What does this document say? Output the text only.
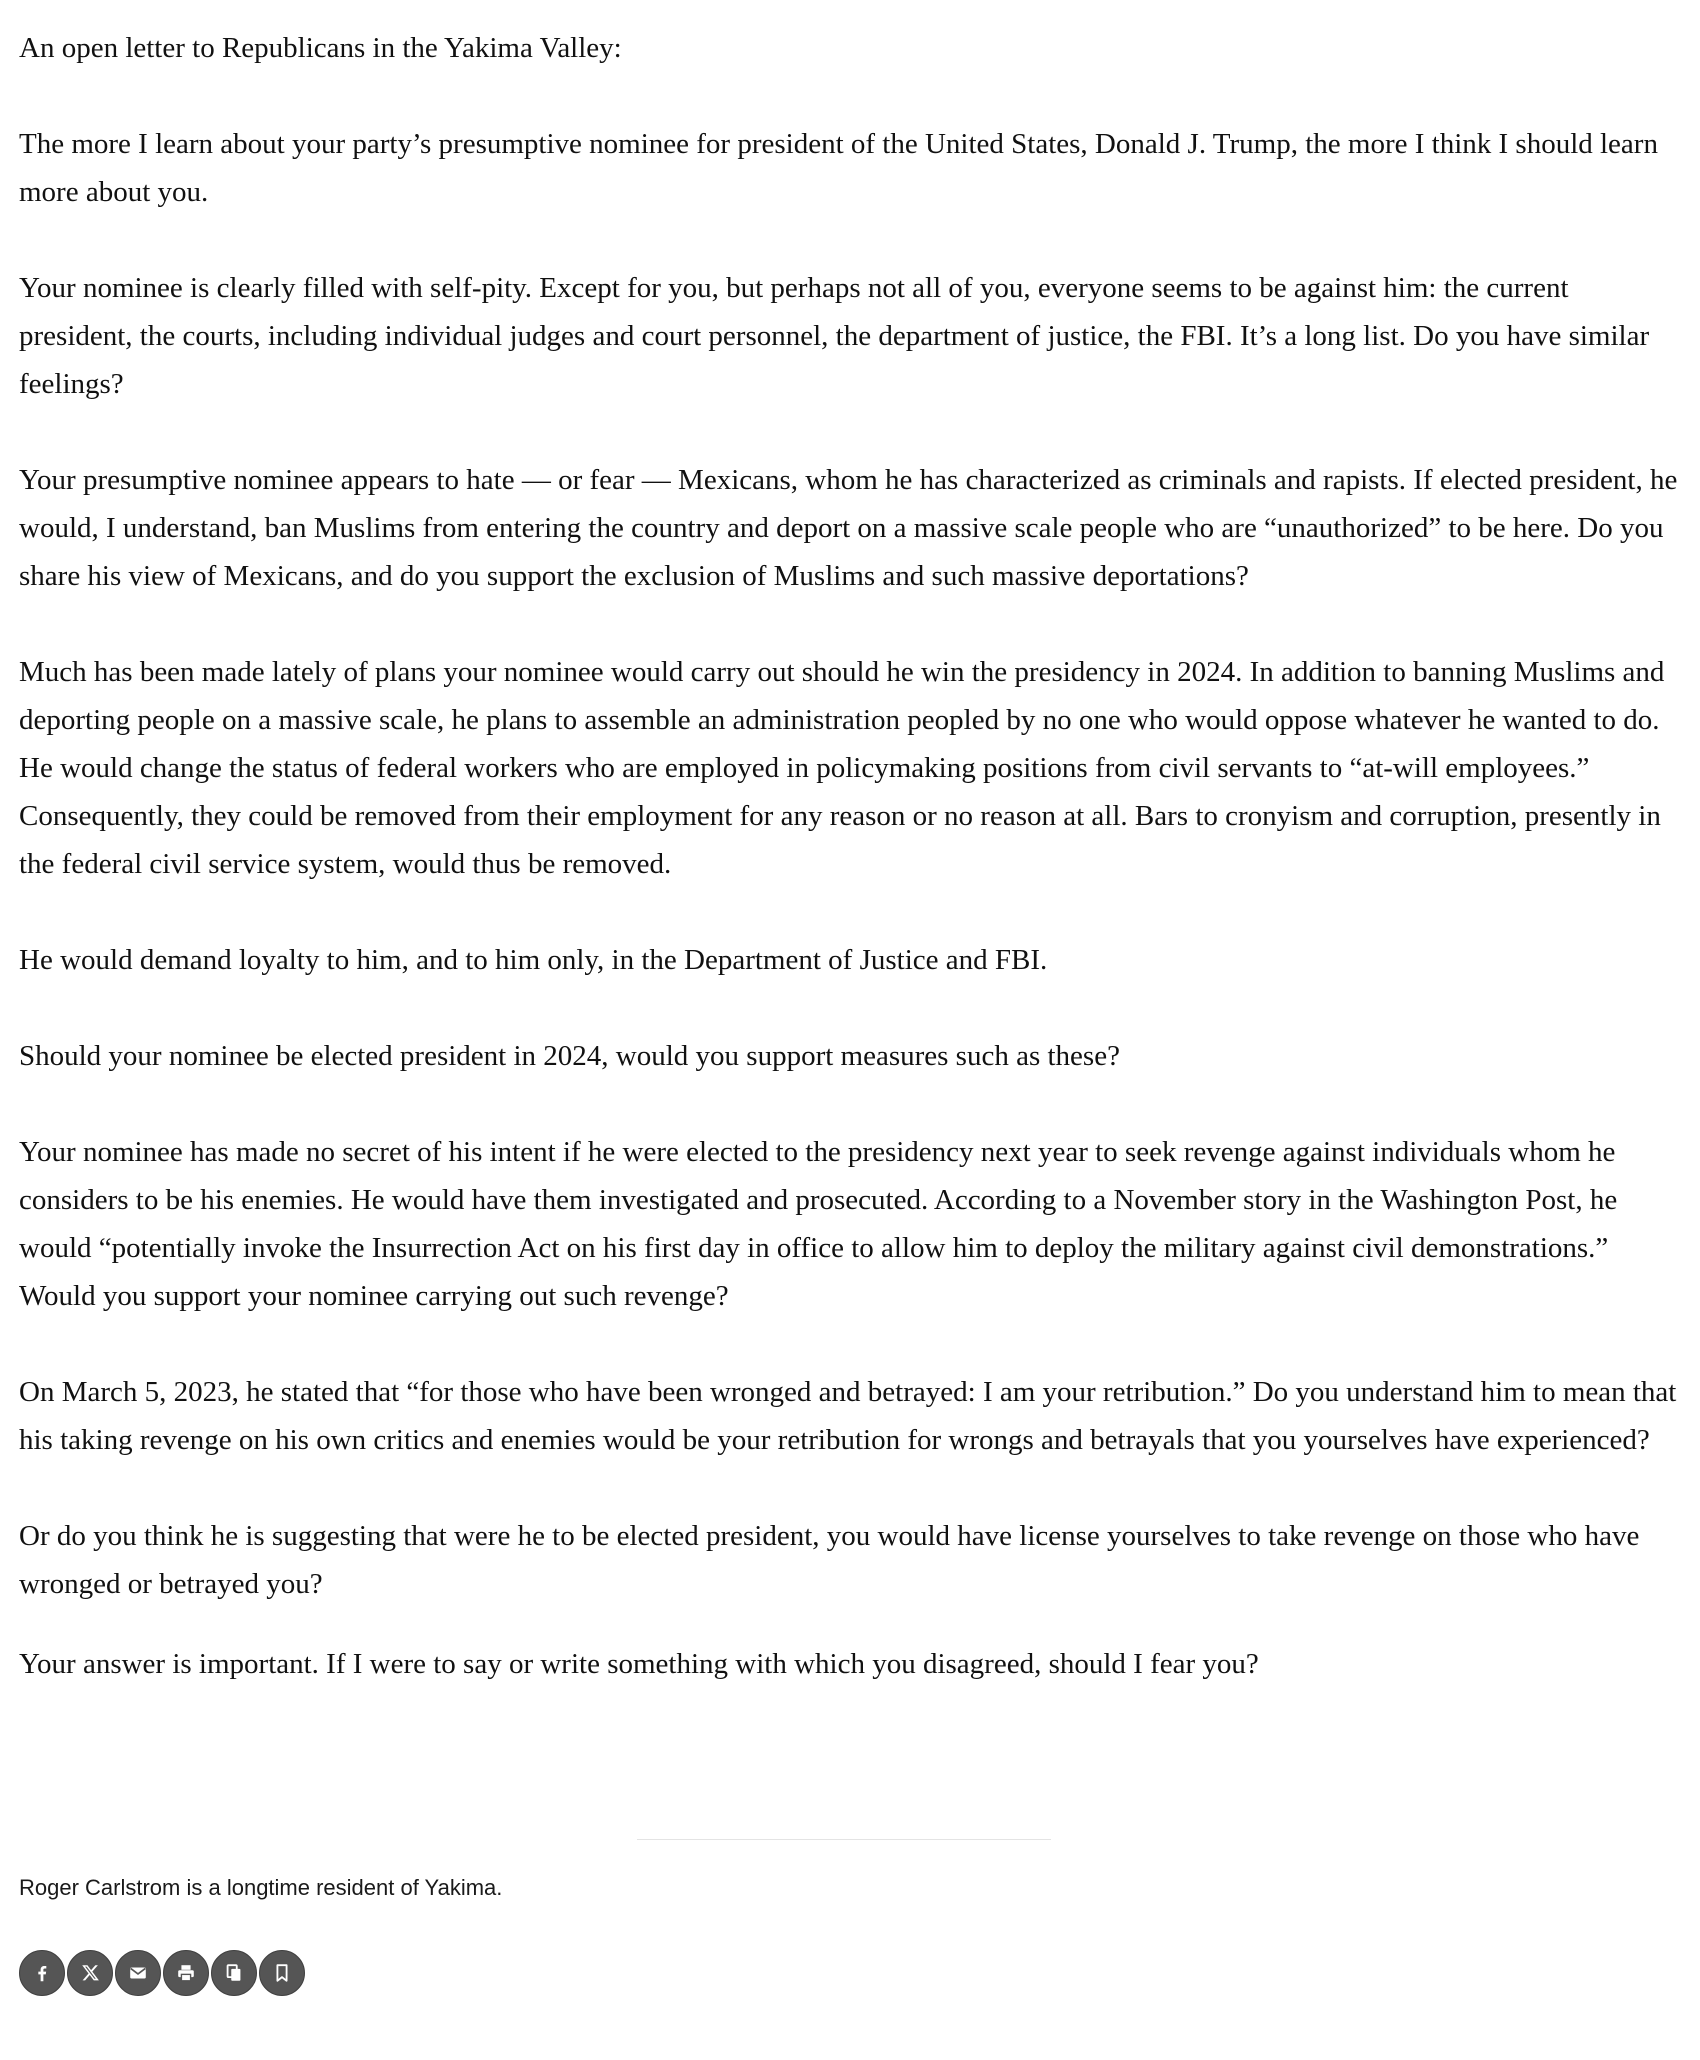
An open letter to Republicans in the Yakima Valley:

The more I learn about your party’s presumptive nominee for president of the United States, Donald J. Trump, the more I think I should learn more about you.

Your nominee is clearly filled with self-pity. Except for you, but perhaps not all of you, everyone seems to be against him: the current president, the courts, including individual judges and court personnel, the department of justice, the FBI. It’s a long list. Do you have similar feelings?

Your presumptive nominee appears to hate — or fear — Mexicans, whom he has characterized as criminals and rapists. If elected president, he would, I understand, ban Muslims from entering the country and deport on a massive scale people who are “unauthorized” to be here. Do you share his view of Mexicans, and do you support the exclusion of Muslims and such massive deportations?

Much has been made lately of plans your nominee would carry out should he win the presidency in 2024. In addition to banning Muslims and deporting people on a massive scale, he plans to assemble an administration peopled by no one who would oppose whatever he wanted to do. He would change the status of federal workers who are employed in policymaking positions from civil servants to “at-will employees.” Consequently, they could be removed from their employment for any reason or no reason at all. Bars to cronyism and corruption, presently in the federal civil service system, would thus be removed.

He would demand loyalty to him, and to him only, in the Department of Justice and FBI.

Should your nominee be elected president in 2024, would you support measures such as these?

Your nominee has made no secret of his intent if he were elected to the presidency next year to seek revenge against individuals whom he considers to be his enemies. He would have them investigated and prosecuted. According to a November story in the Washington Post, he would “potentially invoke the Insurrection Act on his first day in office to allow him to deploy the military against civil demonstrations.” Would you support your nominee carrying out such revenge?

On March 5, 2023, he stated that “for those who have been wronged and betrayed: I am your retribution.” Do you understand him to mean that his taking revenge on his own critics and enemies would be your retribution for wrongs and betrayals that you yourselves have experienced?

Or do you think he is suggesting that were he to be elected president, you would have license yourselves to take revenge on those who have wronged or betrayed you?

Your answer is important. If I were to say or write something with which you disagreed, should I fear you?

Roger Carlstrom is a longtime resident of Yakima.
